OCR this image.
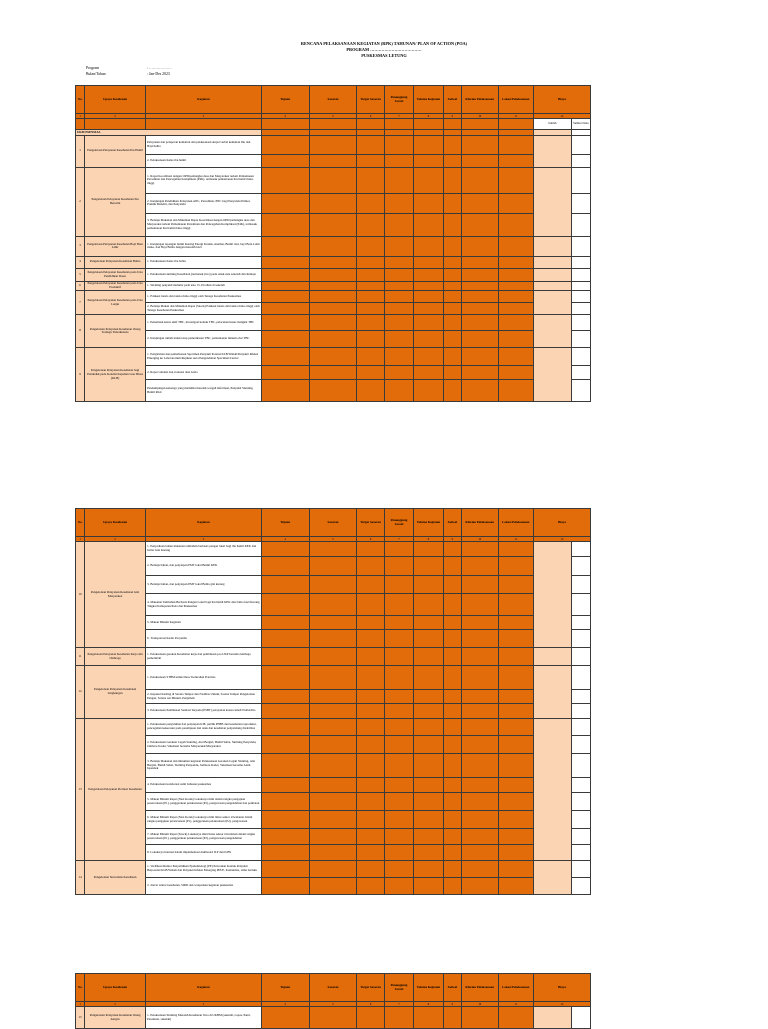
RENCANA PELAKSANAAN KEGIATAN (RPK) TAHUNAN/ PLAN OF ACTION (POA)
PROGRAM ………………………………
PUSKESMAS LETUNG
Program	: ………………
Bulan/Tahun	: Jan-Des 2023
No.	Upaya Kesehatan	Kegiatan	Tujuan	Sasaran	Target Sasaran	Penanggung Jawab	Volume Kegiatan	Jadwal	Rincian Pelaksanaan	Lokasi Pelaksanaan	Biaya	
1	2	3	4	5	6	7	8	9	10	11	12	
											Jumlah	Sumber Dana
UKM ESENSIAL												
1	Pengelolaan Pelayanan Kesehatan Ibu Hamil	Pelayanan dan pelaporan kemarian dan pelaksanaan skrpsi verbal kematian Ibu dan Bayi/balita										
		2.Pelaksanaan Kelas ibu hamil										
2	Pengelolaan Pelayanan Kesehatan Ibu Bersalin	1.Rapat Koordinasi dengan OPD/pemangku desa dan Masyarakat terkait Pemantauan Persalinan dan Pencegahan Komplikasi (P4K), termasuk pemantauan ibu hamil risiko tinggi										
		2.Kunjungan Pendidikan Pelayanan ANC, Persalinan, PNC bagi Penyandu Primer, Praktik Mandiri, dan Penyandu										
		3.Belanja Makanan dan Minuman Rapat Koordinasi dengan OPD/pemangku desa dan Masyarakat terkait Pemantauan Persalinan dan Pencegahan Komplikasi (P4K), termasuk pemantauan ibu hamil risiko tinggi										
3	Pengelolaan Pelayanan Kesehatan Bayi Baru Lahir	1.Kunjungan lapangan bumil Kurang Energi Kronik, Anemia, Bumil risti, bayi Baru Lahir risiko, dan Bayi Balita dengan masalah Gizi										
4	Pengelolaan Pelayanan Kesehatan Balita	1.Pelaksanaan Kelas ibu balita										
5	Pengelolaan Pelayanan Kesehatan pada Usia Pendidikan Dasar	1.Pelaksanaan skrining Kesehatan (termasuk jiwa) pada Anak usia sekolah dan Remaja										
6	Pengelolaan Pelayanan Kesehatan pada Usia Produktif	1.Skrining penyakit menular pada usia 15-19 tahun di sekolah										
7	Pengelolaan Pelayanan Kesehatan pada Usia Lanjut	1.Edukasi lansia dan lansia risiko tinggi oleh Tenaga Kesehatan Puskesmas										
		2.Belanja Makan dan Minuman Rapat (Snack) Edukasi lansia dan lansia risiko tinggi oleh Tenaga Kesehatan Puskesmas										
8	Pengelolaan Pelayanan Kesehatan Orang Terduga Tuberkulosis	1.Penemuan kasus aktif TBC, investigasi kontak TBC, pelacakan kasus mangkir TBC										
		2.Kunjungan rumah untuk tatap pemeriksaan TBC, pemantauan minum obat TBC										
9	Pengelolaan Pelayanan Kesehatan bagi Penduduk pada Kondisi Kejadian Luar Biasa (KLB)	1.Pengiriman dan pemeriksaan Specimen Penyakit Potensi KLB/Wabah/Penyakit Infeksi Emerging ke Laboratorium Rujukan serta Pengendalian Specimen/Carrier										
		2.Rapat validasi dan evaluasi data Gizia										
		Pendampingan keluarga yang memiliki masalah wargah informasi, Penyakit Stunting, Bumil Risti										
No.	Upaya Kesehatan	Kegiatan	Tujuan	Sasaran	Target Sasaran	Penanggung Jawab	Volume Kegiatan	Jadwal	Rincian Pelaksanaan	Lokasi Pelaksanaan	Biaya	
1	2	3	4	5	6	7	8	9	10	11	12	
10	Pengelolaan Pelayanan Kesehatan Gizi Masyarakat	1.Penyediaan bahan makanan tambahan berbasis pangan lokal bagi ibu hamil KEK dan balita Gizi Kurang										
		2.Belanja bahan, dan penyiapan PMT lokal Bumil KEK										
		3.Belanja bahan, dan penyiapan PMT lokal Balita gizi kurang										
		4.Makanan Tambahan Berbasis Pangan Lokal bagi ibu hamil KEK dan balita Gizi Kurang Tingkat Kabupaten/Kota dan Puskesmas										
		5.Makan Minum Kegiatan										
		6.Transportasi Kader Posyandu										
11	Pengelolaan Pelayanan Kesehatan Kerja dan Olahraga	1.Pelaksanaan gerakan Kesehatan kerja dan pembinaan pos UKP bersama lembaga pemerintah										
12	Pengelolaan Pelayanan Kesehatan Lingkungan	1.Pelaksanaan STBM untuk Desa/ Kelurahan Prioritas										
		2.Inspeksi Kesling di Sarana Tempat dan Fasilitas Umum, Sarana Tempat Pengelolaan Pangan, Sarana Air Minum, Penjamah										
		3.Pelaksanaan Pembinaan Sanitasi Terpadu (PSBT) pelayanan kasus rumah Wolbachia										
13	Pengelolaan Pelayanan Promosi Kesehatan	1.Pelaksanaan penyuluhan dan penyiapan KIE, publik PHBS dan kesehatan reproduksi, pencegahan kekerasan pada perempuan dan anak dan kesehatan penyandang disabilitas										
		2.Pelaksanaan Gerakan Cegah Stunting, Alat Bergizi, Bumil Sehat, Skrining Penyandu, Jambore Kader, Vaksinasi bersama Masyarakat/Masyarakat										
		3.Belanja Makanan dan minuman kegiatan Pelaksanaan Gerakan Cegah Stunting, Alat Bergizi, Bumil Sehat, Skrining Penyandu, Jambore Kader, Vaksinasi bersama Alam Ispendek										
		4.Pelaksanaan kolaborasi sumi bahasan puskesmas										
		5.Makan Minum Rapat (Nasi Kotak) Lokakarya mini dalam rangka pengajuan perencanaan (P1), penggerakan pelaksanaan (P2), pengawasan pengendalian dan penilaian										
		6.Makan Minum Rapat (Nasi Kotak) Lokakarya mini lintas sektor triwulanan dalam rangka pengajuan perencanaan (P1), penggerakan pelaksanaan (P2), pengawasan										
		7.Makan Minum Rapat (Snack) Lokakarya mini lintas sektor triwulanan dalam rangka perencanaan (P1), penggerakan pelaksanaan (P2), pengawasan pengendalian										
		8.Lokakarya internal dalam implementasi dashboard ILP dan ILBS										
14	Pengelolaan Surveilans Kesehatan	1.Verifikasi Rumor Penyelidikan Epidemiologi (PE) Pelacakan Kontak Penyakit Berpotensi KLB/Wabah dan Penyakit Infeksi Emerging PIE/E, Komunitas, tamu berlaku										
		2.dan/at vektor kesehatan, SIRD dan waspadaan kegiatan puskesmas										
No.	Upaya Kesehatan	Kegiatan	Tujuan	Sasaran	Target Sasaran	Penanggung Jawab	Volume Kegiatan	Jadwal	Rincian Pelaksanaan	Lokasi Pelaksanaan	Biaya	
1	2	3	4	5	6	7	8	9	10	11	12	
15	Pengelolaan Pelayanan Kesehatan Orang dengan	1.Pelaksanaan Skrining Masalah Kesehatan Jiwa di UKBM (sekolah, Lapas, Panti, Pesantren, sekolah)										
